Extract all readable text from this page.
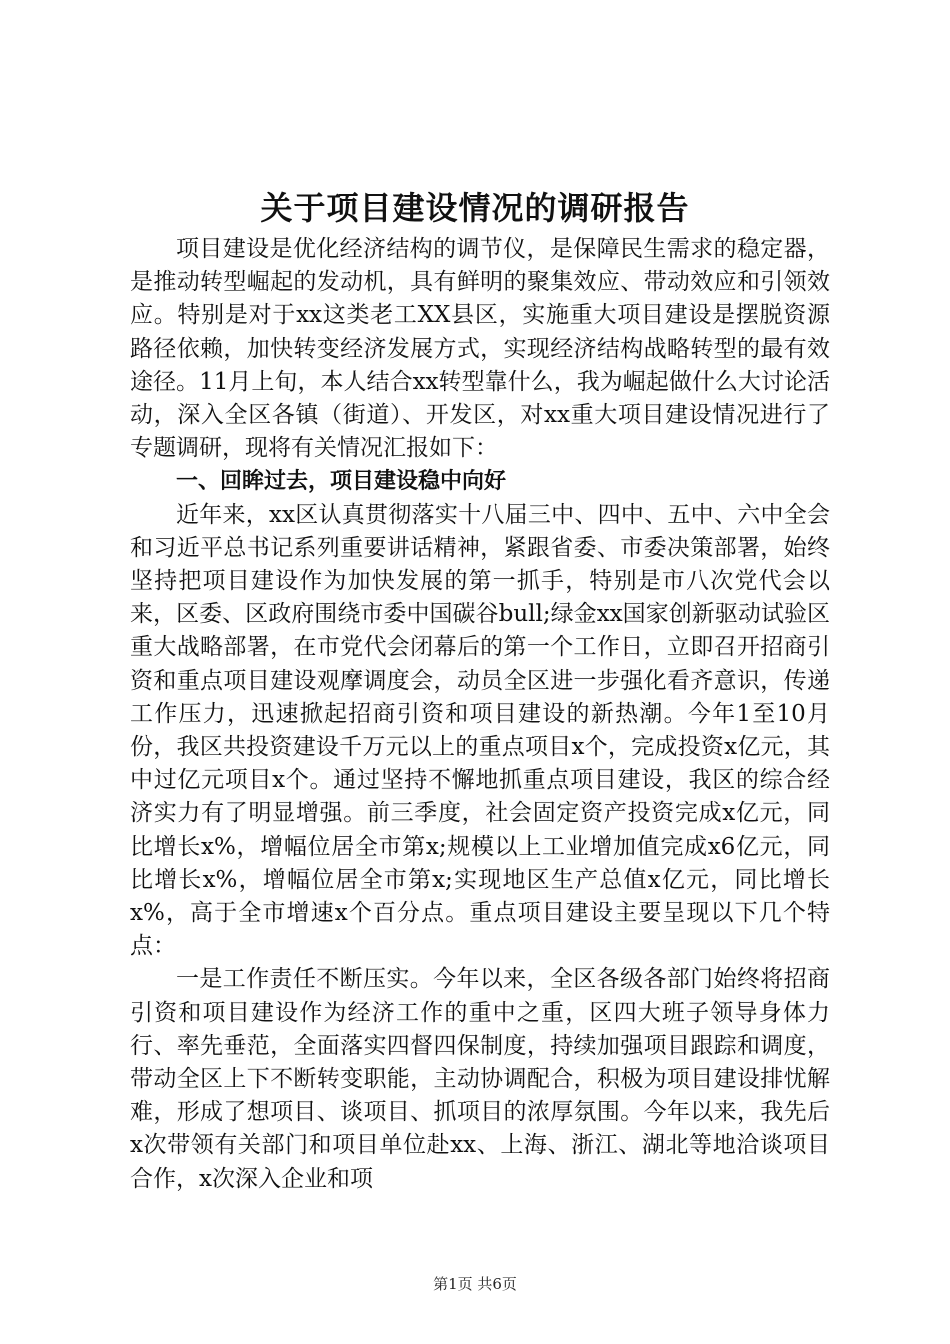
关于项目建设情况的调研报告

项目建设是优化经济结构的调节仪，是保障民生需求的稳定器，是推动转型崛起的发动机，具有鲜明的聚集效应、带动效应和引领效应。特别是对于xx这类老工XX县区，实施重大项目建设是摆脱资源路径依赖，加快转变经济发展方式，实现经济结构战略转型的最有效途径。11月上旬，本人结合xx转型靠什么，我为崛起做什么大讨论活动，深入全区各镇（街道）、开发区，对xx重大项目建设情况进行了专题调研，现将有关情况汇报如下：

一、回眸过去，项目建设稳中向好

近年来，xx区认真贯彻落实十八届三中、四中、五中、六中全会和习近平总书记系列重要讲话精神，紧跟省委、市委决策部署，始终坚持把项目建设作为加快发展的第一抓手，特别是市八次党代会以来，区委、区政府围绕市委中国碳谷bull;绿金xx国家创新驱动试验区重大战略部署，在市党代会闭幕后的第一个工作日，立即召开招商引资和重点项目建设观摩调度会，动员全区进一步强化看齐意识，传递工作压力，迅速掀起招商引资和项目建设的新热潮。今年1至10月份，我区共投资建设千万元以上的重点项目x个，完成投资x亿元，其中过亿元项目x个。通过坚持不懈地抓重点项目建设，我区的综合经济实力有了明显增强。前三季度，社会固定资产投资完成x亿元，同比增长x%，增幅位居全市第x;规模以上工业增加值完成x6亿元，同比增长x%，增幅位居全市第x;实现地区生产总值x亿元，同比增长x%，高于全市增速x个百分点。重点项目建设主要呈现以下几个特点：

一是工作责任不断压实。今年以来，全区各级各部门始终将招商引资和项目建设作为经济工作的重中之重，区四大班子领导身体力行、率先垂范，全面落实四督四保制度，持续加强项目跟踪和调度，带动全区上下不断转变职能，主动协调配合，积极为项目建设排忧解难，形成了想项目、谈项目、抓项目的浓厚氛围。今年以来，我先后x次带领有关部门和项目单位赴xx、上海、浙江、湖北等地洽谈项目合作，x次深入企业和项

第1页 共6页
